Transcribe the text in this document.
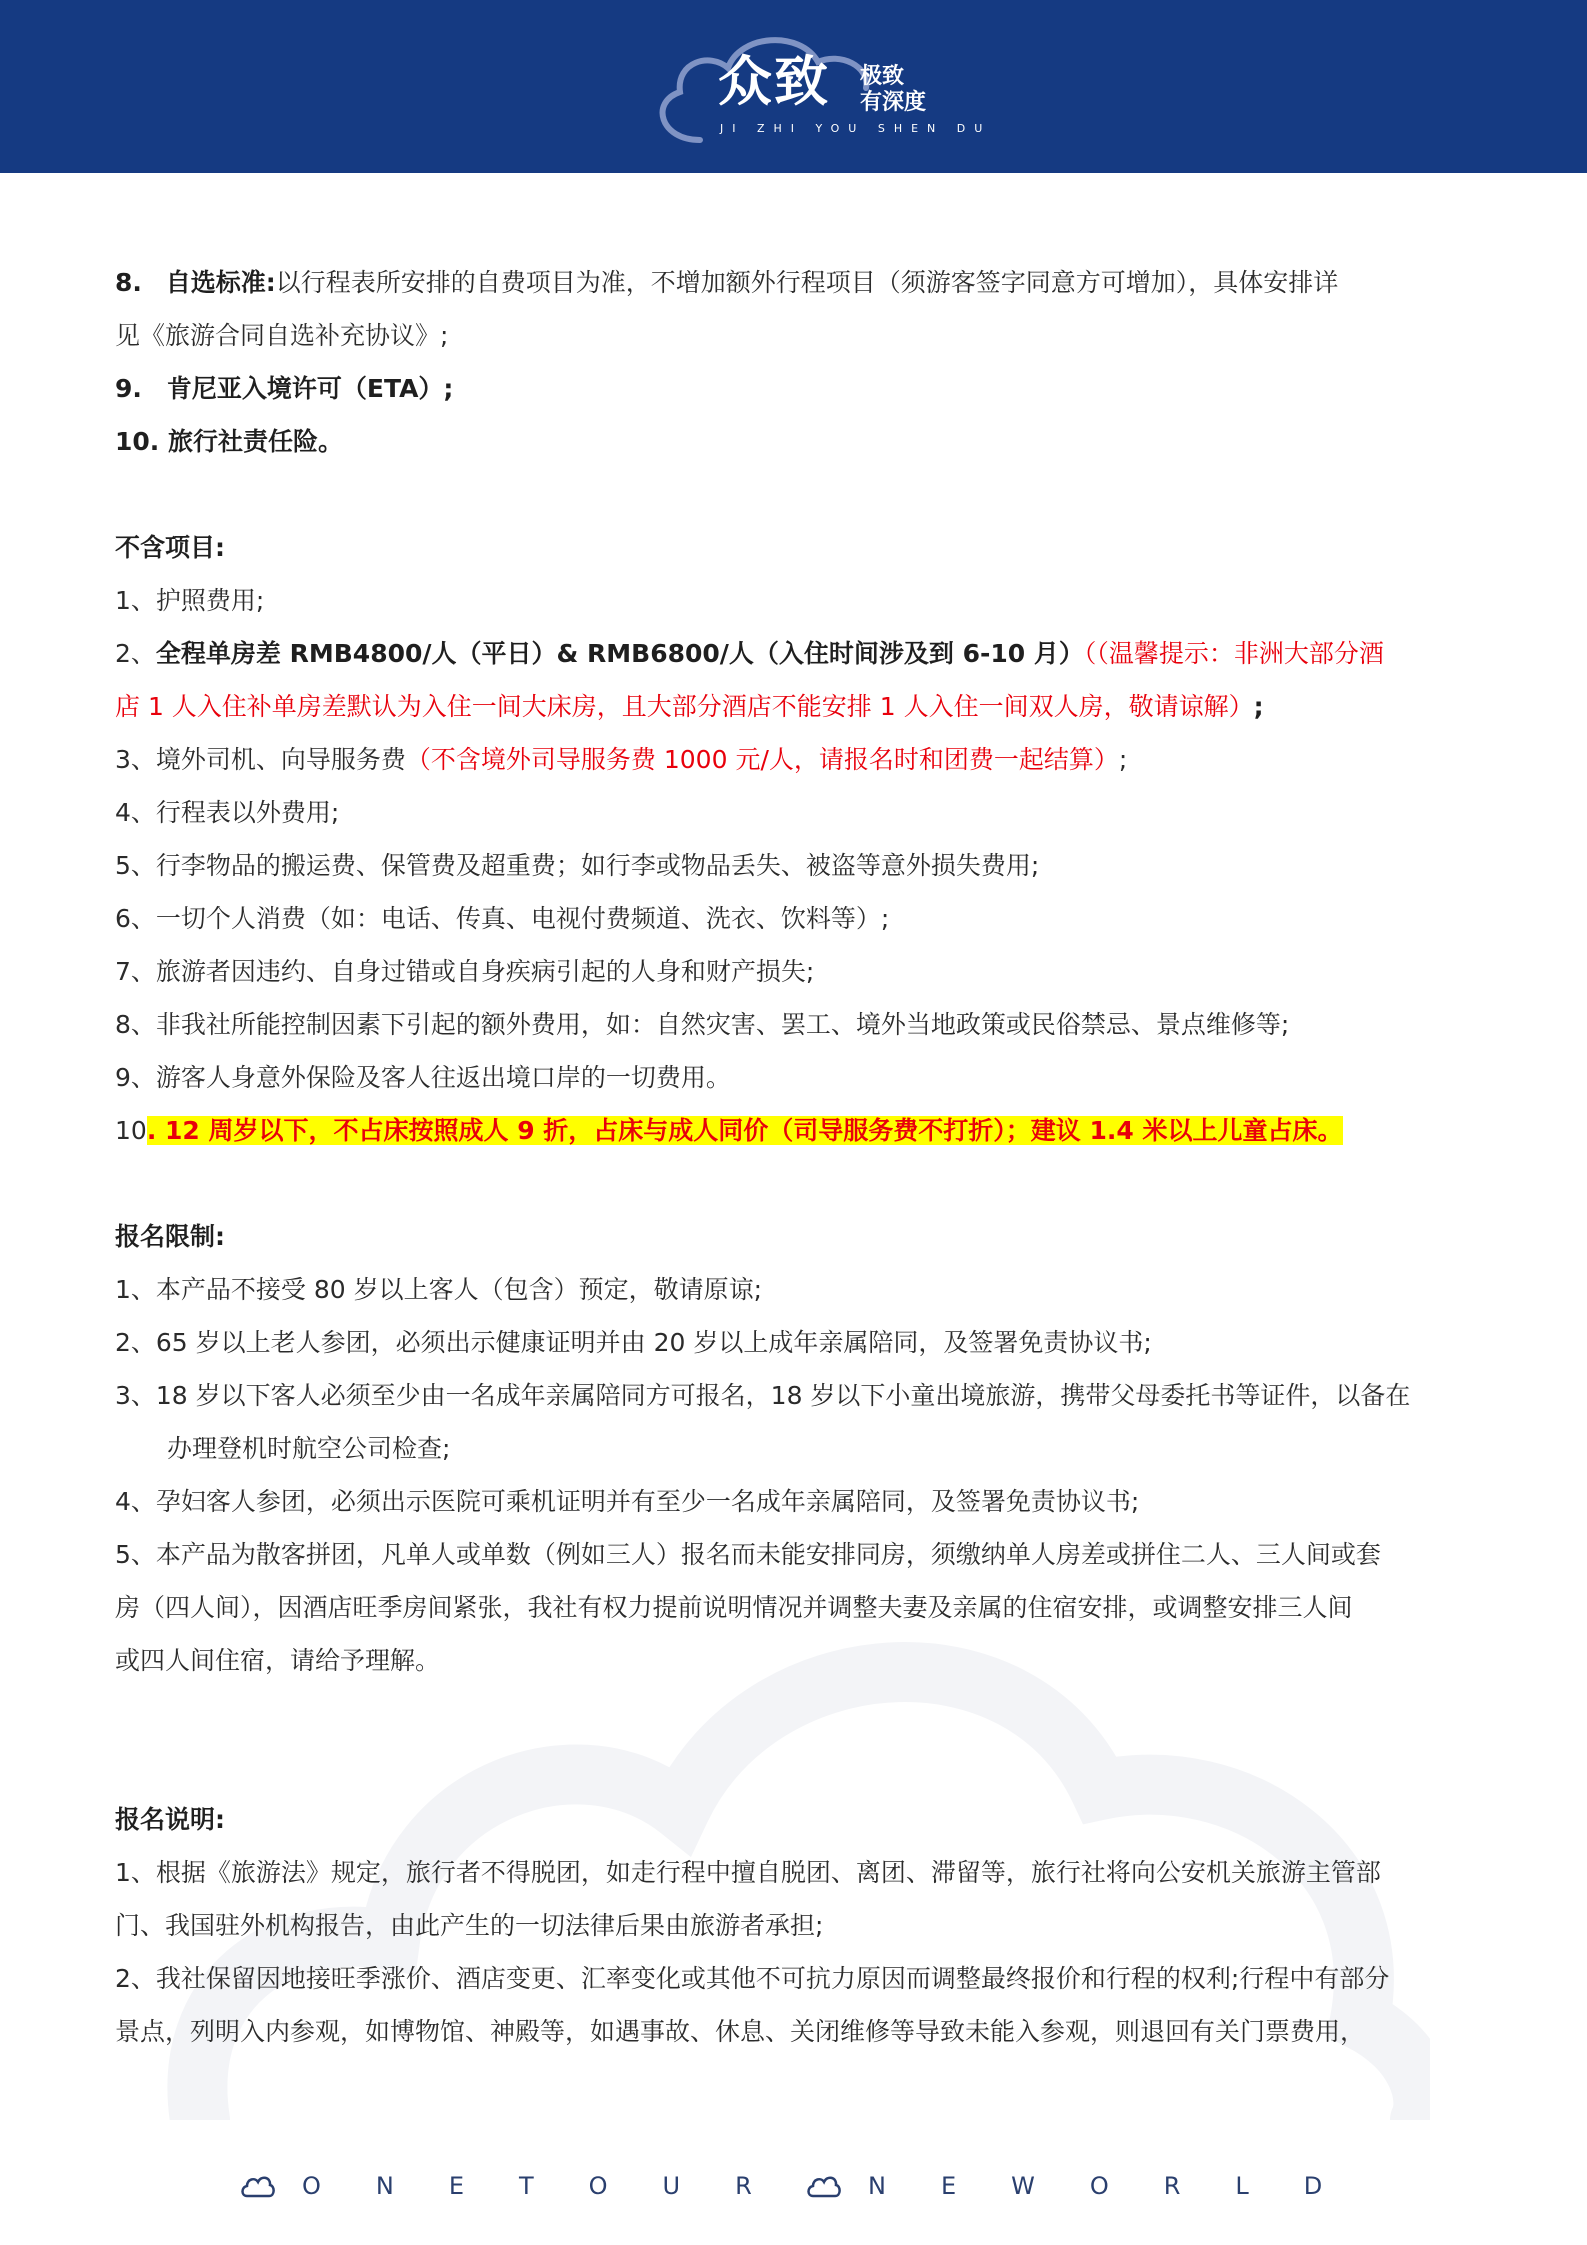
众致 极致
有深度
JI ZHI YOU SHEN DU
8. 自选标准:以行程表所安排的自费项目为准，不增加额外行程项目（须游客签字同意方可增加），具体安排详
见《旅游合同自选补充协议》;
9.　肯尼亚入境许可（ETA）;
10. 旅行社责任险。
不含项目:
1、护照费用;
2、全程单房差 RMB4800/人（平日）& RMB6800/人（入住时间涉及到 6-10 月）（（温馨提示：非洲大部分酒
店 1 人入住补单房差默认为入住一间大床房，且大部分酒店不能安排 1 人入住一间双人房，敬请谅解）;
3、境外司机、向导服务费（不含境外司导服务费 1000 元/人，请报名时和团费一起结算）;
4、行程表以外费用;
5、行李物品的搬运费、保管费及超重费；如行李或物品丢失、被盗等意外损失费用;
6、一切个人消费（如：电话、传真、电视付费频道、洗衣、饮料等）;
7、旅游者因违约、自身过错或自身疾病引起的人身和财产损失;
8、非我社所能控制因素下引起的额外费用，如：自然灾害、罢工、境外当地政策或民俗禁忌、景点维修等;
9、游客人身意外保险及客人往返出境口岸的一切费用。
10. 12 周岁以下，不占床按照成人 9 折，占床与成人同价（司导服务费不打折）；建议 1.4 米以上儿童占床。
报名限制:
1、本产品不接受 80 岁以上客人（包含）预定，敬请原谅;
2、65 岁以上老人参团，必须出示健康证明并由 20 岁以上成年亲属陪同，及签署免责协议书;
3、18 岁以下客人必须至少由一名成年亲属陪同方可报名，18 岁以下小童出境旅游，携带父母委托书等证件，以备在
办理登机时航空公司检查;
4、孕妇客人参团，必须出示医院可乘机证明并有至少一名成年亲属陪同，及签署免责协议书;
5、本产品为散客拼团，凡单人或单数（例如三人）报名而未能安排同房，须缴纳单人房差或拼住二人、三人间或套
房（四人间），因酒店旺季房间紧张，我社有权力提前说明情况并调整夫妻及亲属的住宿安排，或调整安排三人间
或四人间住宿，请给予理解。
报名说明:
1、根据《旅游法》规定，旅行者不得脱团，如走行程中擅自脱团、离团、滞留等，旅行社将向公安机关旅游主管部
门、我国驻外机构报告，由此产生的一切法律后果由旅游者承担;
2、我社保留因地接旺季涨价、酒店变更、汇率变化或其他不可抗力原因而调整最终报价和行程的权利;行程中有部分
景点，列明入内参观，如博物馆、神殿等，如遇事故、休息、关闭维修等导致未能入参观，则退回有关门票费用，
ONETOUR	NEWORLD
